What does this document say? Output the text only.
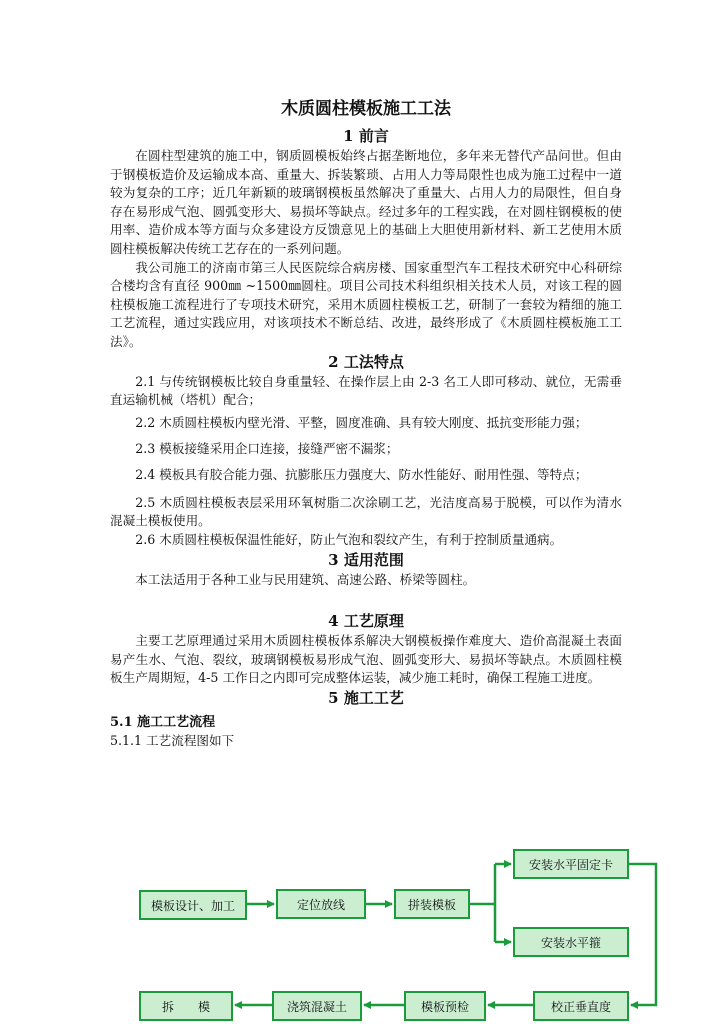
木质圆柱模板施工工法
1 前言

在圆柱型建筑的施工中，钢质圆模板始终占据垄断地位，多年来无替代产品问世。但由于钢模板造价及运输成本高、重量大、拆装繁琐、占用人力等局限性也成为施工过程中一道较为复杂的工序；近几年新颖的玻璃钢模板虽然解决了重量大、占用人力的局限性，但自身存在易形成气泡、圆弧变形大、易损坏等缺点。经过多年的工程实践，在对圆柱钢模板的使用率、造价成本等方面与众多建设方反馈意见上的基础上大胆使用新材料、新工艺使用木质圆柱模板解决传统工艺存在的一系列问题。

我公司施工的济南市第三人民医院综合病房楼、国家重型汽车工程技术研究中心科研综合楼均含有直径 900㎜ ~1500㎜圆柱。项目公司技术科组织相关技术人员，对该工程的圆柱模板施工流程进行了专项技术研究，采用木质圆柱模板工艺，研制了一套较为精细的施工工艺流程，通过实践应用，对该项技术不断总结、改进，最终形成了《木质圆柱模板施工工法》。

2 工法特点

2.1 与传统钢模板比较自身重量轻、在操作层上由 2-3 名工人即可移动、就位，无需垂直运输机械（塔机）配合；

2.2 木质圆柱模板内壁光滑、平整，圆度准确、具有较大刚度、抵抗变形能力强；

2.3 模板接缝采用企口连接，接缝严密不漏浆；

2.4 模板具有胶合能力强、抗膨胀压力强度大、防水性能好、耐用性强、等特点；

2.5 木质圆柱模板表层采用环氧树脂二次涂刷工艺，光洁度高易于脱模，可以作为清水混凝土模板使用。

2.6 木质圆柱模板保温性能好，防止气泡和裂纹产生，有利于控制质量通病。

3 适用范围

本工法适用于各种工业与民用建筑、高速公路、桥梁等圆柱。

4 工艺原理

主要工艺原理通过采用木质圆柱模板体系解决大钢模板操作难度大、造价高混凝土表面易产生水、气泡、裂纹，玻璃钢模板易形成气泡、圆弧变形大、易损坏等缺点。木质圆柱模板生产周期短，4-5 工作日之内即可完成整体运装，减少施工耗时，确保工程施工进度。

5 施工工艺
5.1 施工工艺流程

5.1.1 工艺流程图如下

模板设计、加工	定位放线	拼装模板
安装水平固定卡
安装水平箍
校正垂直度
模板预检
浇筑混凝土
拆　　模
